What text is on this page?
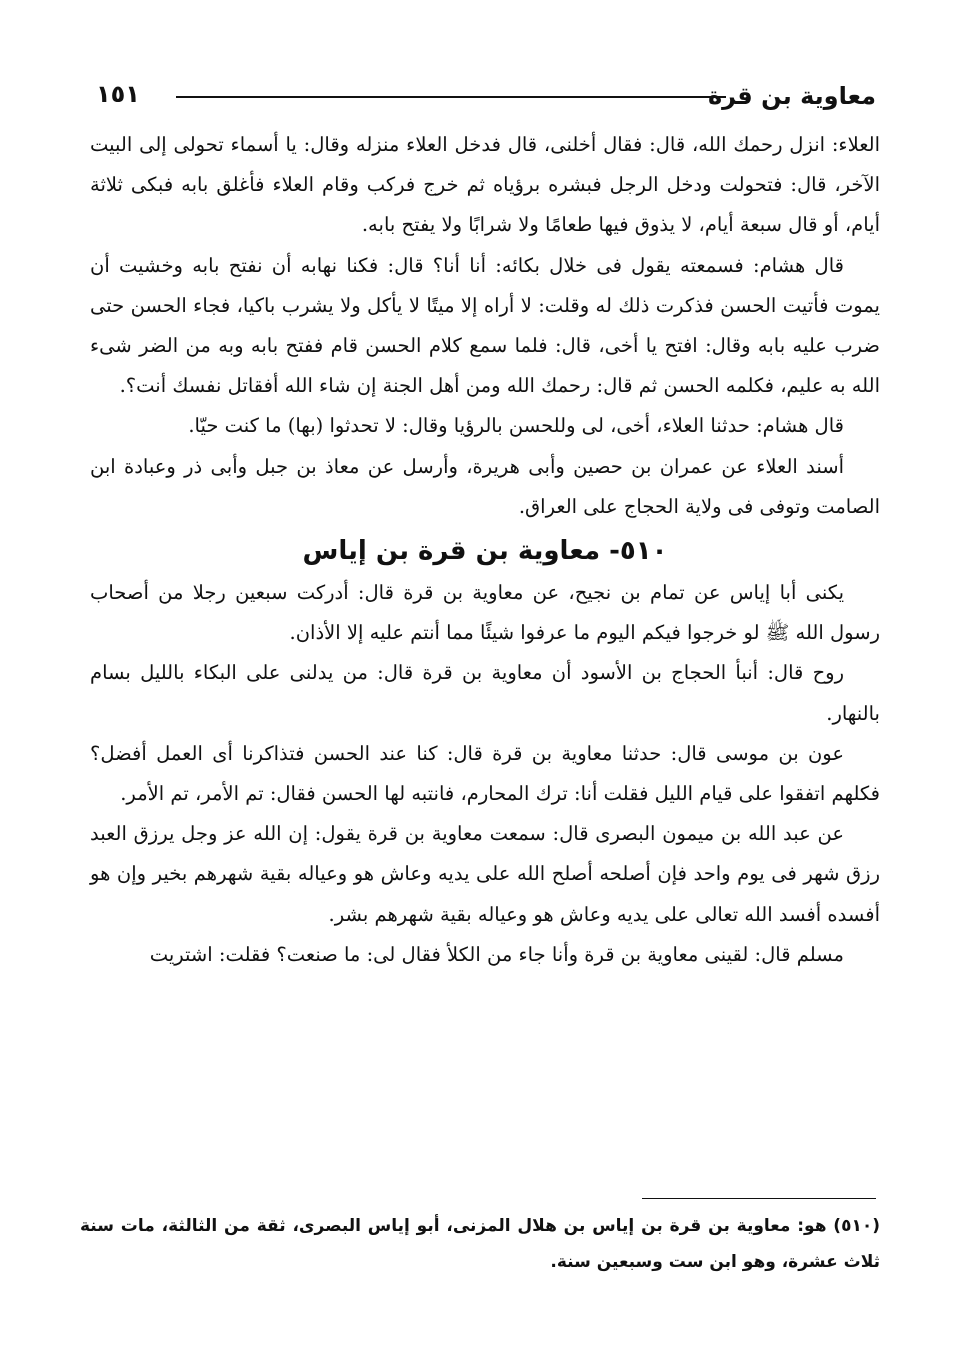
معاوية بن قرة
١٥١

العلاء: انزل رحمك الله، قال: فقال أخلنى، قال فدخل العلاء منزله وقال: يا أسماء تحولى إلى البيت الآخر، قال: فتحولت ودخل الرجل فبشره برؤياه ثم خرج فركب وقام العلاء فأغلق بابه فبكى ثلاثة أيام، أو قال سبعة أيام، لا يذوق فيها طعامًا ولا شرابًا ولا يفتح بابه.

قال هشام: فسمعته يقول فى خلال بكائه: أنا أنا؟ قال: فكنا نهابه أن نفتح بابه وخشيت أن يموت فأتيت الحسن فذكرت ذلك له وقلت: لا أراه إلا ميتًا لا يأكل ولا يشرب باكيا، فجاء الحسن حتى ضرب عليه بابه وقال: افتح يا أخى، قال: فلما سمع كلام الحسن قام ففتح بابه وبه من الضر شىء الله به عليم، فكلمه الحسن ثم قال: رحمك الله ومن أهل الجنة إن شاء الله أفقاتل نفسك أنت؟.

قال هشام: حدثنا العلاء، أخى، لى وللحسن بالرؤيا وقال: لا تحدثوا (بها) ما كنت حيّا.

أسند العلاء عن عمران بن حصين وأبى هريرة، وأرسل عن معاذ بن جبل وأبى ذر وعبادة ابن الصامت وتوفى فى ولاية الحجاج على العراق.

٥١٠- معاوية بن قرة بن إياس

يكنى أبا إياس عن تمام بن نجيح، عن معاوية بن قرة قال: أدركت سبعين رجلا من أصحاب رسول الله ﷺ لو خرجوا فيكم اليوم ما عرفوا شيئًا مما أنتم عليه إلا الأذان.

روح قال: أنبأ الحجاج بن الأسود أن معاوية بن قرة قال: من يدلنى على البكاء بالليل بسام بالنهار.

عون بن موسى قال: حدثنا معاوية بن قرة قال: كنا عند الحسن فتذاكرنا أى العمل أفضل؟ فكلهم اتفقوا على قيام الليل فقلت أنا: ترك المحارم، فانتبه لها الحسن فقال: تم الأمر، تم الأمر.

عن عبد الله بن ميمون البصرى قال: سمعت معاوية بن قرة يقول: إن الله عز وجل يرزق العبد رزق شهر فى يوم واحد فإن أصلحه أصلح الله على يديه وعاش هو وعياله بقية شهرهم بخير وإن هو أفسده أفسد الله تعالى على يديه وعاش هو وعياله بقية شهرهم بشر.

مسلم قال: لقينى معاوية بن قرة وأنا جاء من الكلأ فقال لى: ما صنعت؟ فقلت: اشتريت

(٥١٠) هو: معاوية بن قرة بن إياس بن هلال المزنى، أبو إياس البصرى، ثقة من الثالثة، مات سنة ثلاث عشرة، وهو ابن ست وسبعين سنة.
